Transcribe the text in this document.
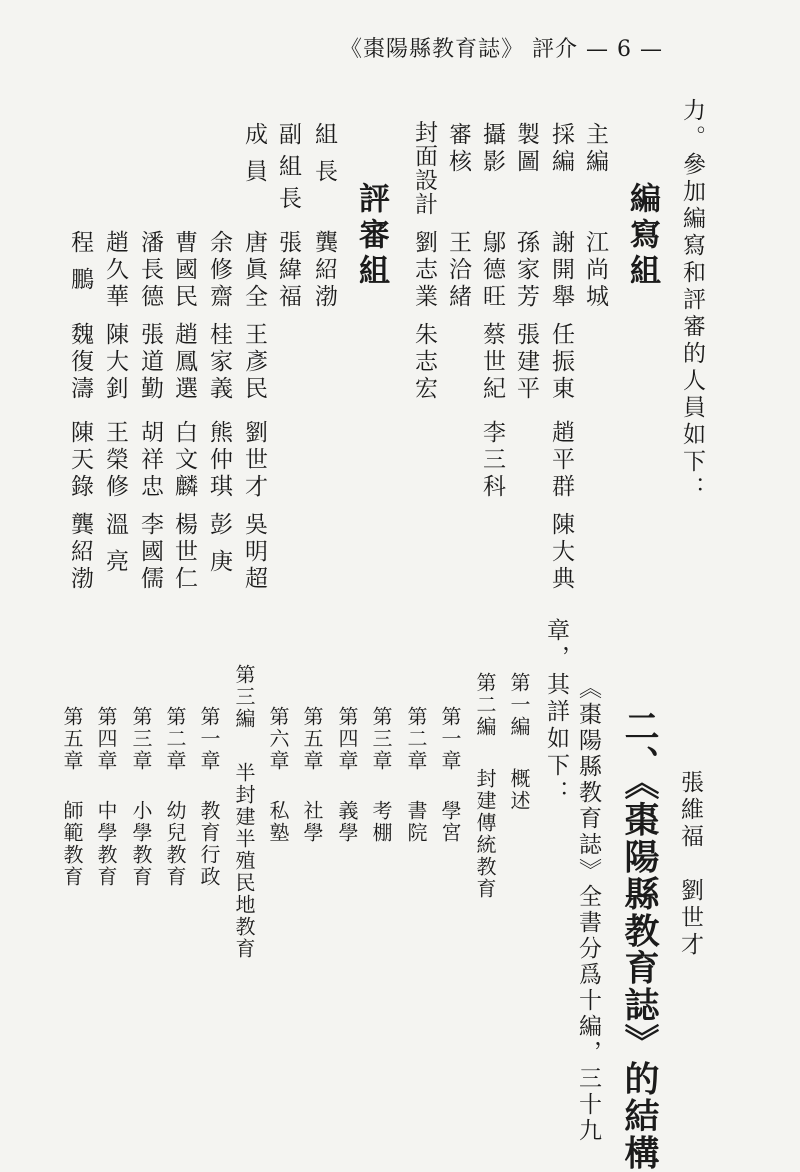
《棗陽縣教育誌》 評介 — 6 —
力。參加編寫和評審的人員如下：
編寫組
主編
江尚城
採編
謝開舉
任振東
趙平群
陳大典
製圖
孫家芳
張建平
攝影
鄔德旺
蔡世紀
李三科
審核
王洽緒
封面設計
劉志業
朱志宏
評審組
組長
龔紹渤
副組長
張緯福
成員
唐眞全
王彥民
劉世才
吳明超
余修齋
桂家義
熊仲琪
彭庚
曹國民
趙鳳選
白文麟
楊世仁
潘長德
張道勤
胡祥忠
李國儒
趙久華
陳大釗
王榮修
溫亮
程鵬
魏復濤
陳天錄
龔紹渤
張維福　劉世才
二、《棗陽縣教育誌》的結構
《棗陽縣教育誌》全書分爲十編，三十九
章，其詳如下：
第一編
概述
第二編
封建傳統教育
第一章
學宮
第二章
書院
第三章
考棚
第四章
義學
第五章
社學
第六章
私塾
第三編
半封建半殖民地教育
第一章
教育行政
第二章
幼兒教育
第三章
小學教育
第四章
中學教育
第五章
師範教育
